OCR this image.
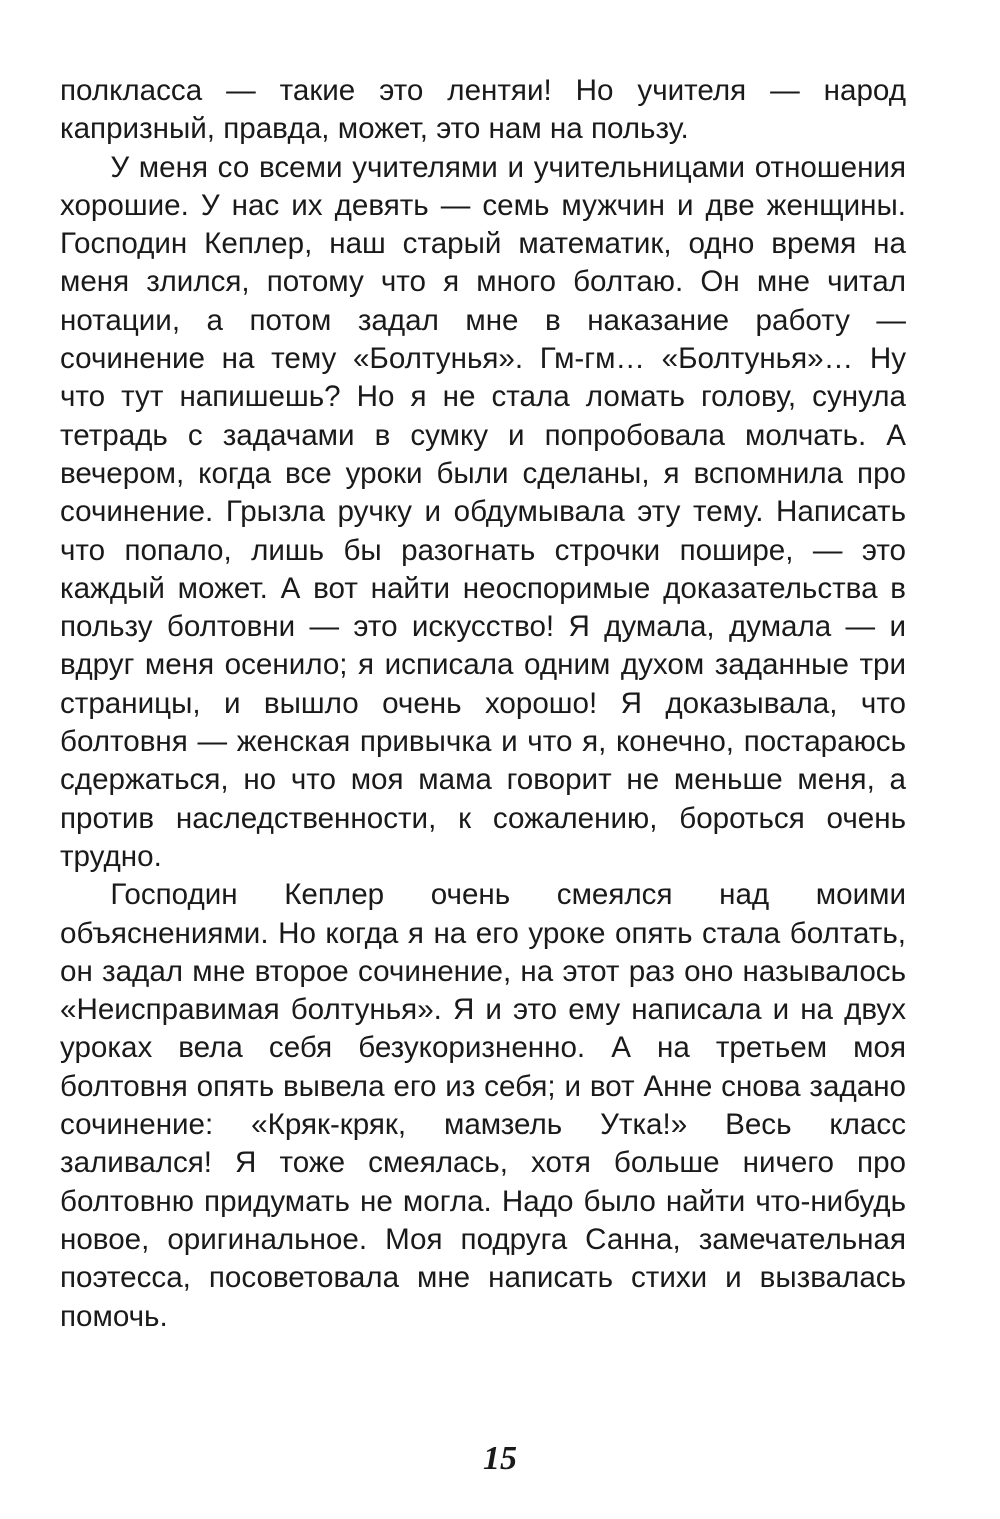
полкласса — такие это лентяи! Но учителя — народ капризный, правда, может, это нам на пользу.

У меня со всеми учителями и учительницами отношения хорошие. У нас их девять — семь мужчин и две женщины. Господин Кеплер, наш старый математик, одно время на меня злился, потому что я много болтаю. Он мне читал нотации, а потом задал мне в наказание работу — сочинение на тему «Болтунья». Гм-гм… «Болтунья»… Ну что тут напишешь? Но я не стала ломать голову, сунула тетрадь с задачами в сумку и попробовала молчать. А вечером, когда все уроки были сделаны, я вспомнила про сочинение. Грызла ручку и обдумывала эту тему. Написать что попало, лишь бы разогнать строчки пошире, — это каждый может. А вот найти неоспоримые доказательства в пользу болтовни — это искусство! Я думала, думала — и вдруг меня осенило; я исписала одним духом заданные три страницы, и вышло очень хорошо! Я доказывала, что болтовня — женская привычка и что я, конечно, постараюсь сдержаться, но что моя мама говорит не меньше меня, а против наследственности, к сожалению, бороться очень трудно.

Господин Кеплер очень смеялся над моими объяснениями. Но когда я на его уроке опять стала болтать, он задал мне второе сочинение, на этот раз оно называлось «Неисправимая болтунья». Я и это ему написала и на двух уроках вела себя безукоризненно. А на третьем моя болтовня опять вывела его из себя; и вот Анне снова задано сочинение: «Кряк-кряк, мамзель Утка!» Весь класс заливался! Я тоже смеялась, хотя больше ничего про болтовню придумать не могла. Надо было найти что-нибудь новое, оригинальное. Моя подруга Санна, замечательная поэтесса, посоветовала мне написать стихи и вызвалась помочь.

15
